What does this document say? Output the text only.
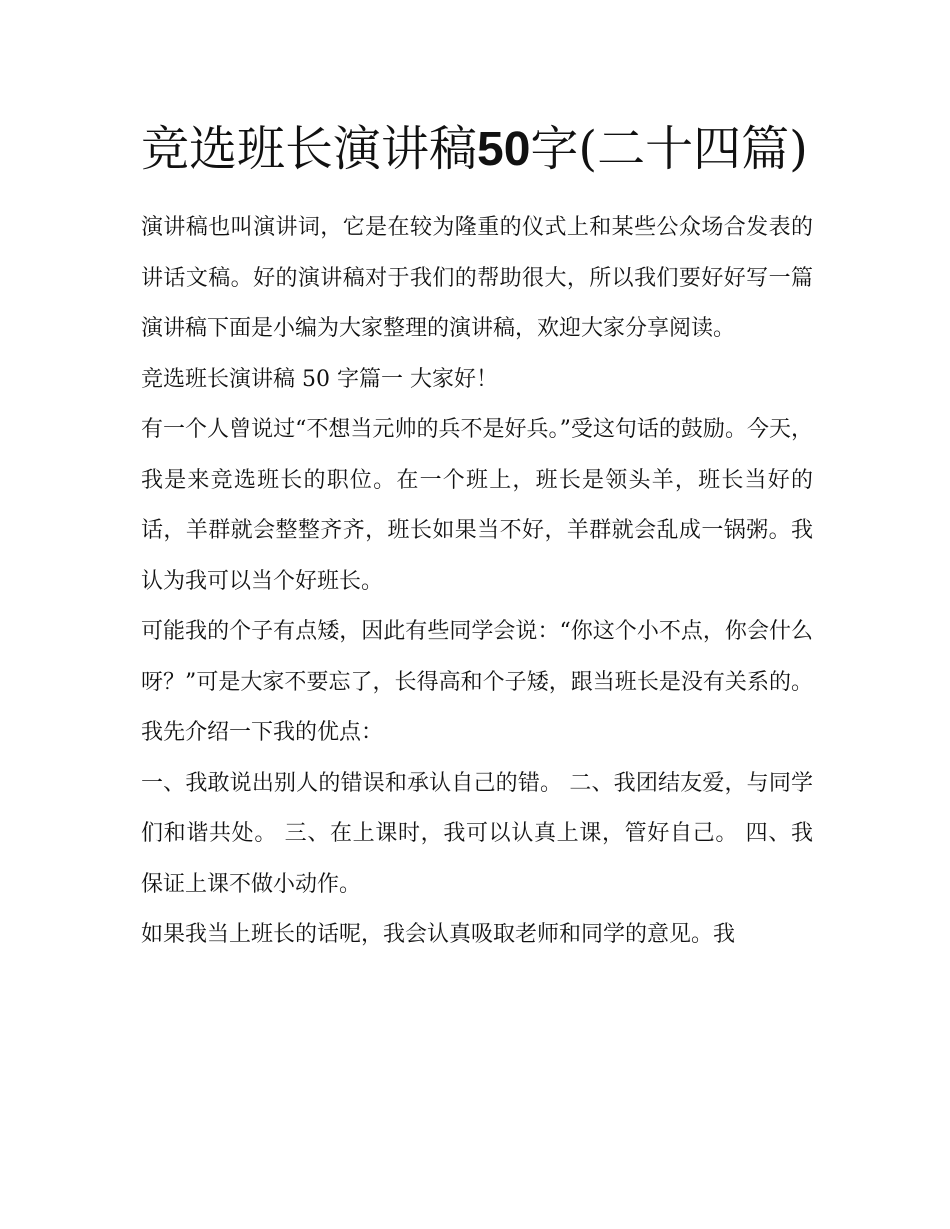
竞选班长演讲稿50字(二十四篇)

演讲稿也叫演讲词，它是在较为隆重的仪式上和某些公众场合发表的讲话文稿。好的演讲稿对于我们的帮助很大，所以我们要好好写一篇演讲稿下面是小编为大家整理的演讲稿，欢迎大家分享阅读。

竞选班长演讲稿 50 字篇一 大家好！

有一个人曾说过“不想当元帅的兵不是好兵。”受这句话的鼓励。今天，我是来竞选班长的职位。在一个班上，班长是领头羊，班长当好的话，羊群就会整整齐齐，班长如果当不好，羊群就会乱成一锅粥。我认为我可以当个好班长。

可能我的个子有点矮，因此有些同学会说：“你这个小不点，你会什么呀？”可是大家不要忘了，长得高和个子矮，跟当班长是没有关系的。 我先介绍一下我的优点：

一、我敢说出别人的错误和承认自己的错。 二、我团结友爱，与同学们和谐共处。 三、在上课时，我可以认真上课，管好自己。 四、我保证上课不做小动作。

如果我当上班长的话呢，我会认真吸取老师和同学的意见。我
